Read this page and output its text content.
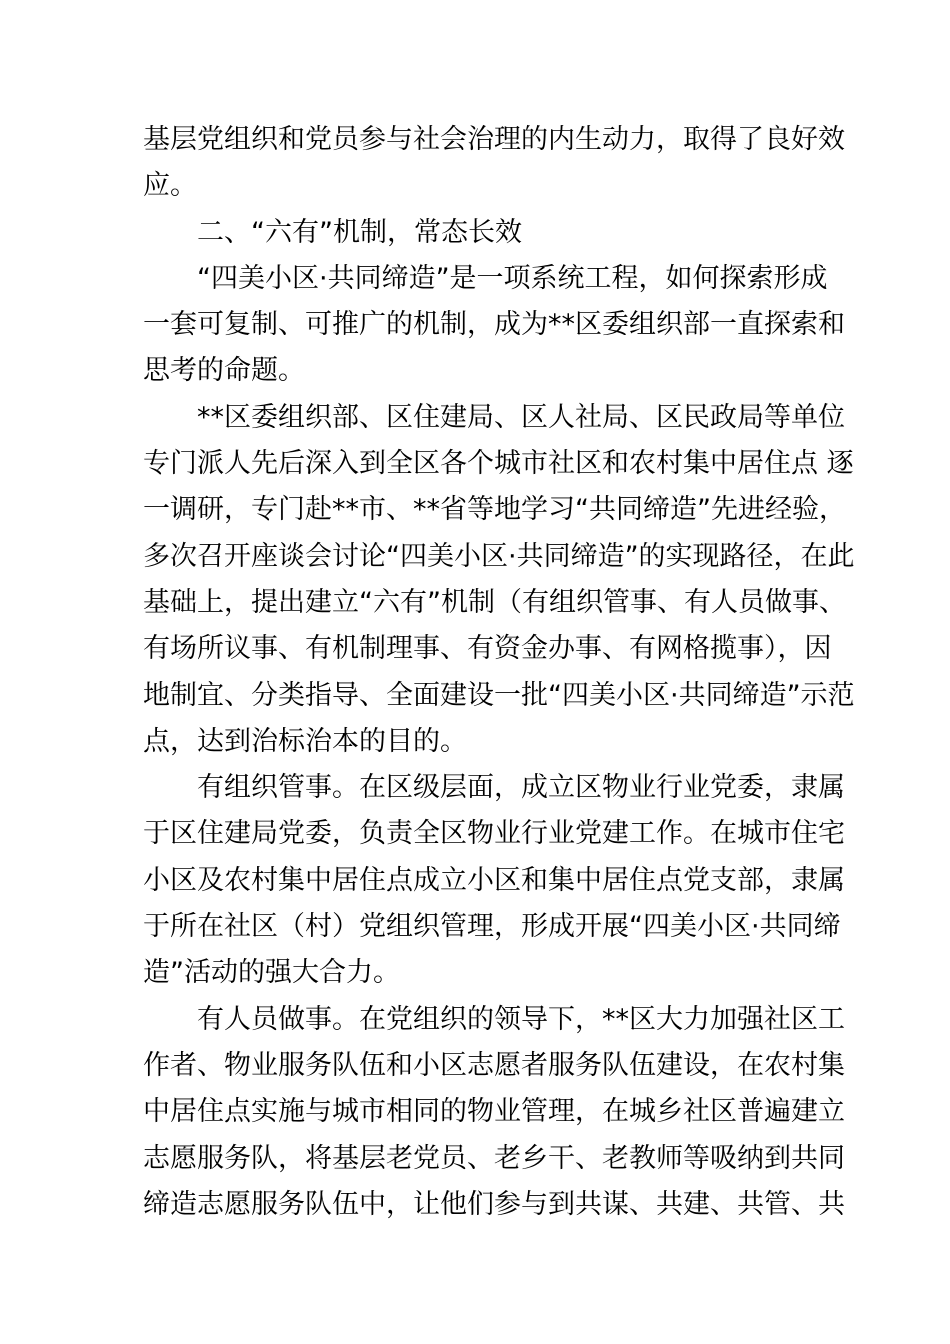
基层党组织和党员参与社会治理的内生动力，取得了良好效
应。
二、“六有”机制，常态长效
“四美小区·共同缔造”是一项系统工程，如何探索形成
一套可复制、可推广的机制，成为**区委组织部一直探索和
思考的命题。
**区委组织部、区住建局、区人社局、区民政局等单位
专门派人先后深入到全区各个城市社区和农村集中居住点 逐
一调研，专门赴**市、**省等地学习“共同缔造”先进经验，
多次召开座谈会讨论“四美小区·共同缔造”的实现路径，在此
基础上，提出建立“六有”机制（有组织管事、有人员做事、
有场所议事、有机制理事、有资金办事、有网格揽事），因
地制宜、分类指导、全面建设一批“四美小区·共同缔造”示范
点，达到治标治本的目的。
有组织管事。在区级层面，成立区物业行业党委，隶属
于区住建局党委，负责全区物业行业党建工作。在城市住宅
小区及农村集中居住点成立小区和集中居住点党支部，隶属
于所在社区（村）党组织管理，形成开展“四美小区·共同缔
造”活动的强大合力。
有人员做事。在党组织的领导下，**区大力加强社区工
作者、物业服务队伍和小区志愿者服务队伍建设，在农村集
中居住点实施与城市相同的物业管理，在城乡社区普遍建立
志愿服务队，将基层老党员、老乡干、老教师等吸纳到共同
缔造志愿服务队伍中，让他们参与到共谋、共建、共管、共
